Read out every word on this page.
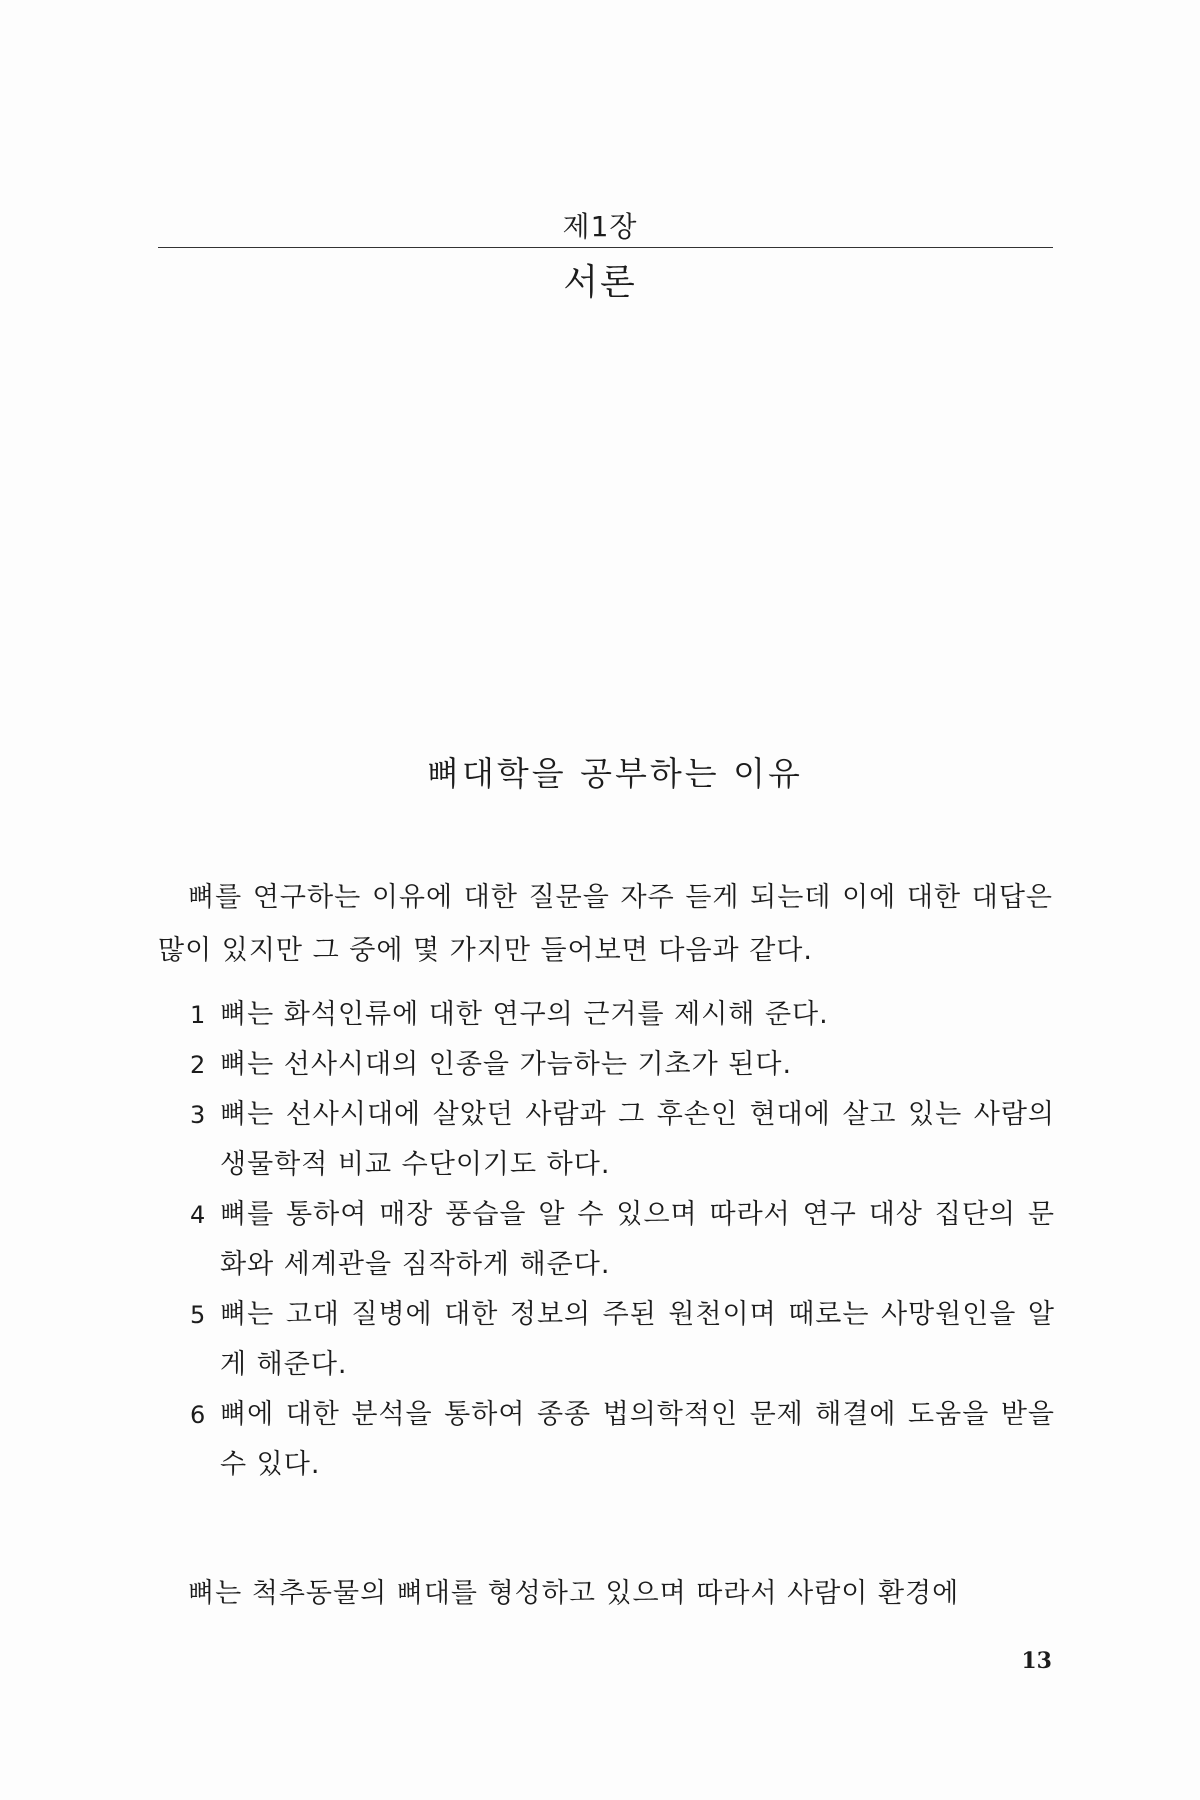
제1장
서론
뼈대학을 공부하는 이유

뼈를 연구하는 이유에 대한 질문을 자주 듣게 되는데 이에 대한 대답은 많이 있지만 그 중에 몇 가지만 들어보면 다음과 같다.

1 뼈는 화석인류에 대한 연구의 근거를 제시해 준다.
2 뼈는 선사시대의 인종을 가늠하는 기초가 된다.
3 뼈는 선사시대에 살았던 사람과 그 후손인 현대에 살고 있는 사람의 생물학적 비교 수단이기도 하다.
4 뼈를 통하여 매장 풍습을 알 수 있으며 따라서 연구 대상 집단의 문화와 세계관을 짐작하게 해준다.
5 뼈는 고대 질병에 대한 정보의 주된 원천이며 때로는 사망원인을 알게 해준다.
6 뼈에 대한 분석을 통하여 종종 법의학적인 문제 해결에 도움을 받을 수 있다.

뼈는 척추동물의 뼈대를 형성하고 있으며 따라서 사람이 환경에

13
